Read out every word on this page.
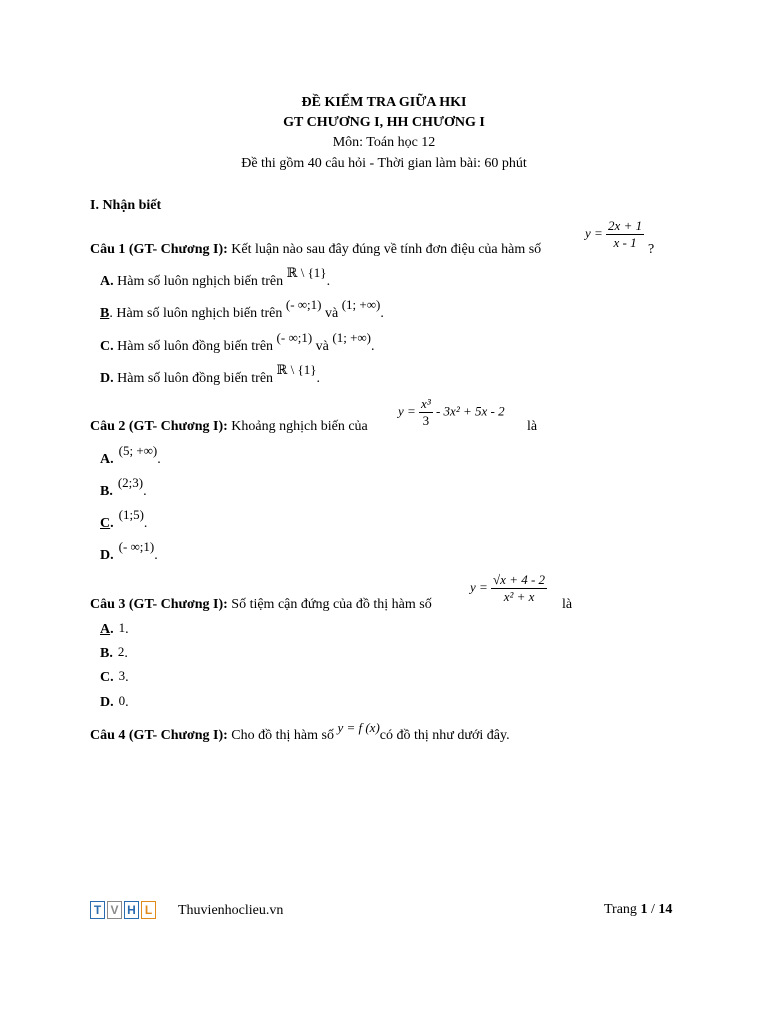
ĐỀ KIỂM TRA GIỮA HKI
GT CHƯƠNG I, HH CHƯƠNG I
Môn: Toán học 12
Đề thi gồm 40 câu hỏi - Thời gian làm bài: 60 phút
I. Nhận biết
Câu 1 (GT- Chương I): Kết luận nào sau đây đúng về tính đơn điệu của hàm số
$y = \frac{2x + 1}{x - 1}$ ?
A. Hàm số luôn nghịch biến trên ℝ \ {1}.
B. Hàm số luôn nghịch biến trên (- ∞;1) và (1; +∞).
C. Hàm số luôn đồng biến trên (- ∞;1) và (1; +∞).
D. Hàm số luôn đồng biến trên ℝ \ {1}.
Câu 2 (GT- Chương I): Khoảng nghịch biến của
$y = \frac{\text{x³}}{3} - 3x^2 + 5x - 2$
là
A.(5; +∞).
B.(2;3).
C.(1;5).
D.(- ∞;1).
Câu 3 (GT- Chương I): Số tiệm cận đứng của đồ thị hàm số
$y = \frac{√x + 4 - 2}{\text{x² + x}}$ là
A. 1.
B. 2.
C. 3.
D. 0.
Câu 4 (GT- Chương I): Cho đồ thị hàm số y = f (x)có đồ thị như dưới đây.
T V H L Thuvienhoclieu.vn	Trang 1 / 14
